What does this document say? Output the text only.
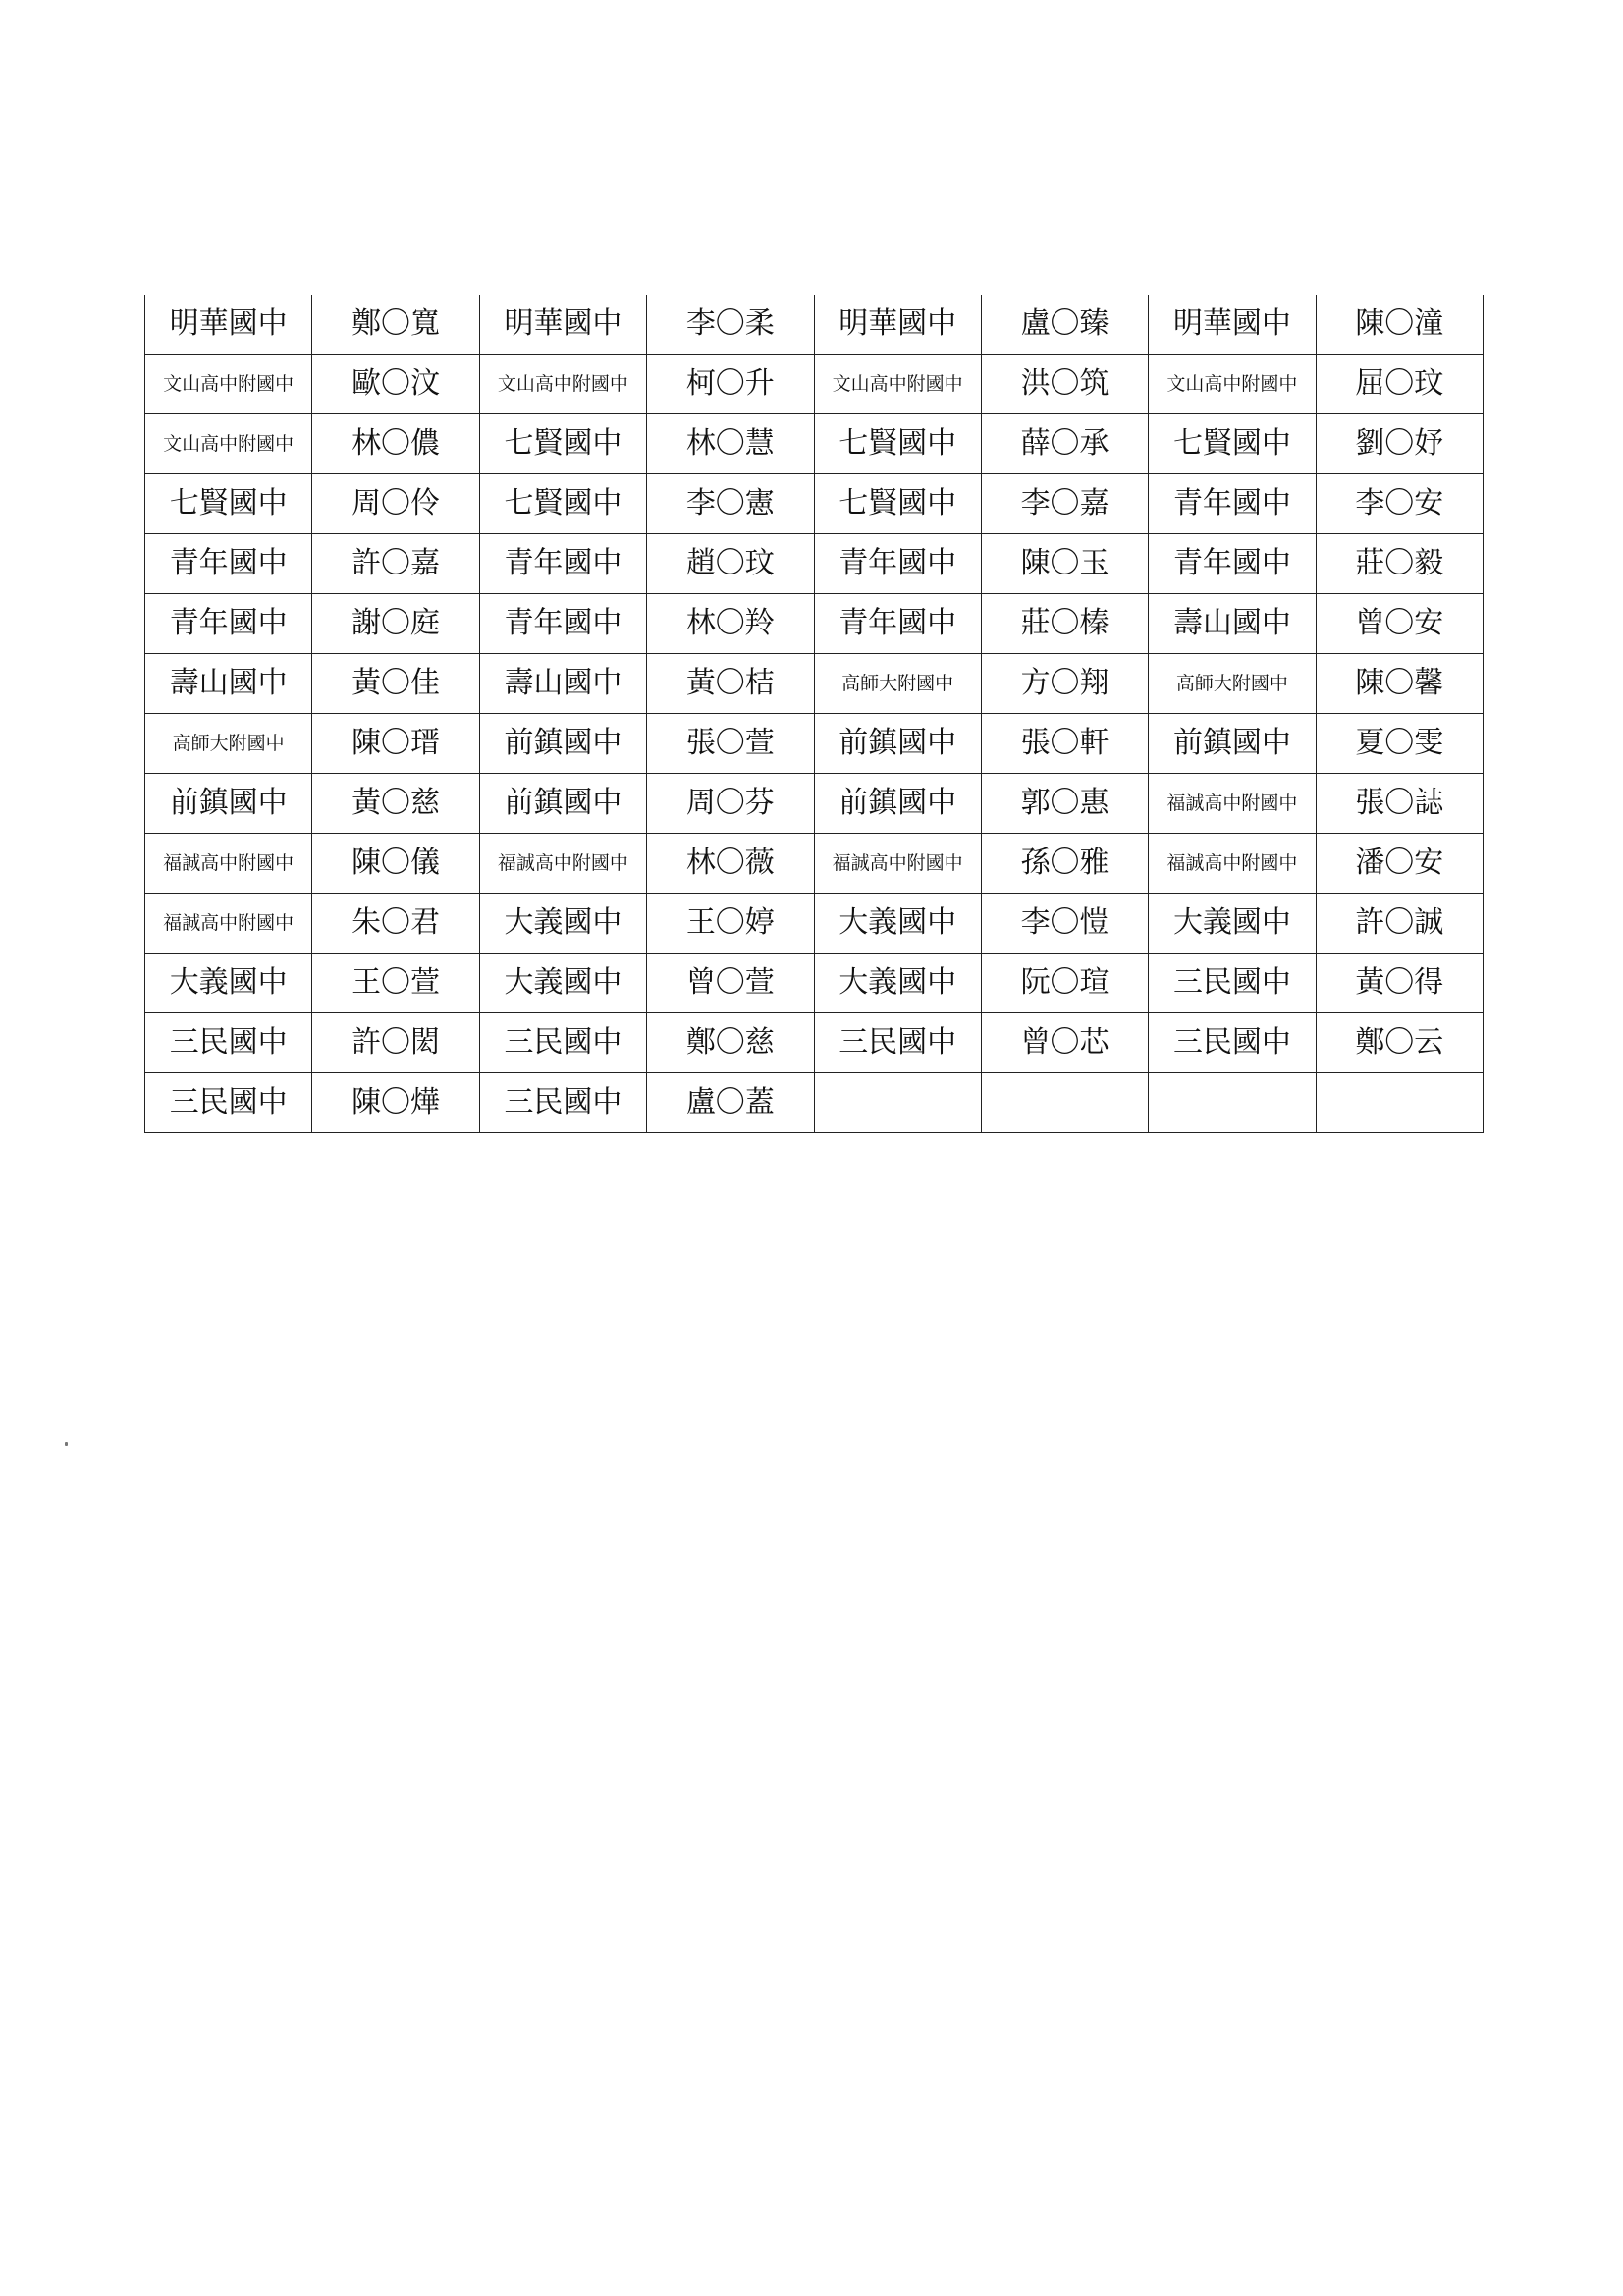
明華國中	鄭〇寬	明華國中	李〇柔	明華國中	盧〇臻	明華國中	陳〇潼
文山高中附國中	歐〇汶	文山高中附國中	柯〇升	文山高中附國中	洪〇筑	文山高中附國中	屈〇玟
文山高中附國中	林〇儂	七賢國中	林〇慧	七賢國中	薛〇承	七賢國中	劉〇妤
七賢國中	周〇伶	七賢國中	李〇憲	七賢國中	李〇嘉	青年國中	李〇安
青年國中	許〇嘉	青年國中	趙〇玟	青年國中	陳〇玉	青年國中	莊〇毅
青年國中	謝〇庭	青年國中	林〇羚	青年國中	莊〇榛	壽山國中	曾〇安
壽山國中	黃〇佳	壽山國中	黃〇桔	高師大附國中	方〇翔	高師大附國中	陳〇馨
高師大附國中	陳〇瑨	前鎮國中	張〇萱	前鎮國中	張〇軒	前鎮國中	夏〇雯
前鎮國中	黃〇慈	前鎮國中	周〇芬	前鎮國中	郭〇惠	福誠高中附國中	張〇誌
福誠高中附國中	陳〇儀	福誠高中附國中	林〇薇	福誠高中附國中	孫〇雅	福誠高中附國中	潘〇安
福誠高中附國中	朱〇君	大義國中	王〇婷	大義國中	李〇愷	大義國中	許〇誠
大義國中	王〇萱	大義國中	曾〇萱	大義國中	阮〇瑄	三民國中	黃〇得
三民國中	許〇閎	三民國中	鄭〇慈	三民國中	曾〇芯	三民國中	鄭〇云
三民國中	陳〇燁	三民國中	盧〇蓋				
